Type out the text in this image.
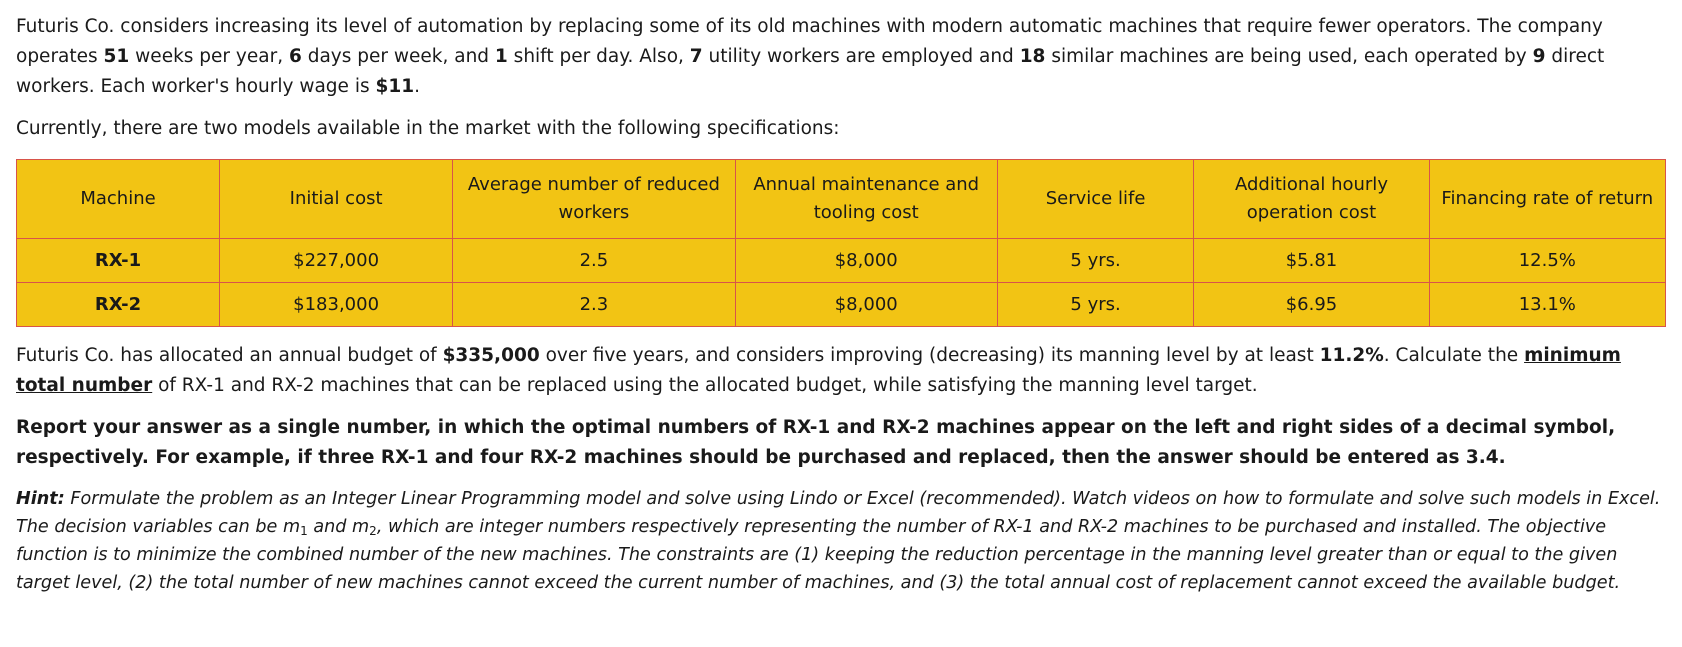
Futuris Co. considers increasing its level of automation by replacing some of its old machines with modern automatic machines that require fewer operators. The company operates 51 weeks per year, 6 days per week, and 1 shift per day. Also, 7 utility workers are employed and 18 similar machines are being used, each operated by 9 direct workers. Each worker's hourly wage is $11.

Currently, there are two models available in the market with the following specifications:

Machine	Initial cost	Average number of reduced workers	Annual maintenance and tooling cost	Service life	Additional hourly operation cost	Financing rate of return
RX-1	$227,000	2.5	$8,000	5 yrs.	$5.81	12.5%
RX-2	$183,000	2.3	$8,000	5 yrs.	$6.95	13.1%

Futuris Co. has allocated an annual budget of $335,000 over five years, and considers improving (decreasing) its manning level by at least 11.2%. Calculate the minimum total number of RX-1 and RX-2 machines that can be replaced using the allocated budget, while satisfying the manning level target.

Report your answer as a single number, in which the optimal numbers of RX-1 and RX-2 machines appear on the left and right sides of a decimal symbol, respectively. For example, if three RX-1 and four RX-2 machines should be purchased and replaced, then the answer should be entered as 3.4.

Hint: Formulate the problem as an Integer Linear Programming model and solve using Lindo or Excel (recommended). Watch videos on how to formulate and solve such models in Excel. The decision variables can be $m_1$ and $m_2$, which are integer numbers respectively representing the number of RX-1 and RX-2 machines to be purchased and installed. The objective function is to minimize the combined number of the new machines. The constraints are (1) keeping the reduction percentage in the manning level greater than or equal to the given target level, (2) the total number of new machines cannot exceed the current number of machines, and (3) the total annual cost of replacement cannot exceed the available budget.
